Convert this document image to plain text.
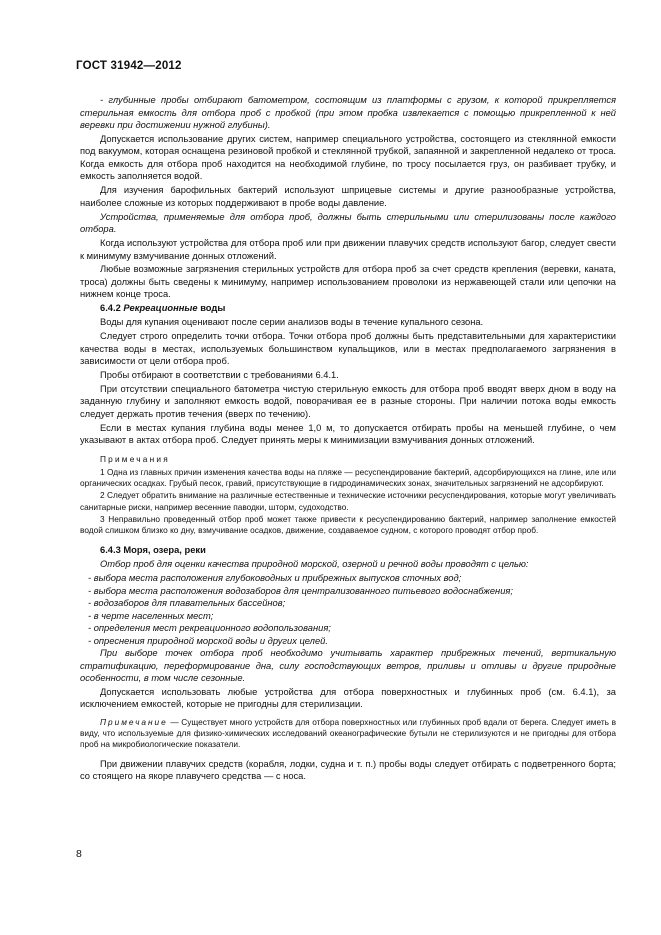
ГОСТ 31942—2012

- глубинные пробы отбирают батометром, состоящим из платформы с грузом, к которой прикрепляется стерильная емкость для отбора проб с пробкой (при этом пробка извлекается с помощью прикрепленной к ней веревки при достижении нужной глубины).

Допускается использование других систем, например специального устройства, состоящего из стеклянной емкости под вакуумом, которая оснащена резиновой пробкой и стеклянной трубкой, запаянной и закрепленной недалеко от троса. Когда емкость для отбора проб находится на необходимой глубине, по тросу посылается груз, он разбивает трубку, и емкость заполняется водой.

Для изучения барофильных бактерий используют шприцевые системы и другие разнообразные устройства, наиболее сложные из которых поддерживают в пробе воды давление.

Устройства, применяемые для отбора проб, должны быть стерильными или стерилизованы после каждого отбора.

Когда используют устройства для отбора проб или при движении плавучих средств используют багор, следует свести к минимуму взмучивание донных отложений.

Любые возможные загрязнения стерильных устройств для отбора проб за счет средств крепления (веревки, каната, троса) должны быть сведены к минимуму, например использованием проволоки из нержавеющей стали или цепочки на нижнем конце троса.

6.4.2 Рекреационные воды

Воды для купания оценивают после серии анализов воды в течение купального сезона.

Следует строго определить точки отбора. Точки отбора проб должны быть представительными для характеристики качества воды в местах, используемых большинством купальщиков, или в местах предполагаемого загрязнения в зависимости от цели отбора проб.

Пробы отбирают в соответствии с требованиями 6.4.1.

При отсутствии специального батометра чистую стерильную емкость для отбора проб вводят вверх дном в воду на заданную глубину и заполняют емкость водой, поворачивая ее в разные стороны. При наличии потока воды емкость следует держать против течения (вверх по течению).

Если в местах купания глубина воды менее 1,0 м, то допускается отбирать пробы на меньшей глубине, о чем указывают в актах отбора проб. Следует принять меры к минимизации взмучивания донных отложений.

Примечания

1 Одна из главных причин изменения качества воды на пляже — ресуспендирование бактерий, адсорбирующихся на глине, иле или органических осадках. Грубый песок, гравий, присутствующие в гидродинамических зонах, значительных загрязнений не адсорбируют.

2 Следует обратить внимание на различные естественные и технические источники ресуспендирования, которые могут увеличивать санитарные риски, например весенние паводки, шторм, судоходство.

3 Неправильно проведенный отбор проб может также привести к ресуспендированию бактерий, например заполнение емкостей водой слишком близко ко дну, взмучивание осадков, движение, создаваемое судном, с которого проводят отбор проб.

6.4.3 Моря, озера, реки

Отбор проб для оценки качества природной морской, озерной и речной воды проводят с целью:

- выбора места расположения глубоководных и прибрежных выпусков сточных вод;

- выбора места расположения водозаборов для централизованного питьевого водоснабжения;

- водозаборов для плавательных бассейнов;

- в черте населенных мест;

- определения мест рекреационного водопользования;

- опреснения природной морской воды и других целей.

При выборе точек отбора проб необходимо учитывать характер прибрежных течений, вертикальную стратификацию, переформирование дна, силу господствующих ветров, приливы и отливы и другие природные особенности, в том числе сезонные.

Допускается использовать любые устройства для отбора поверхностных и глубинных проб (см. 6.4.1), за исключением емкостей, которые не пригодны для стерилизации.

Примечание — Существует много устройств для отбора поверхностных или глубинных проб вдали от берега. Следует иметь в виду, что используемые для физико-химических исследований океанографические бутыли не стерилизуются и не пригодны для отбора проб на микробиологические показатели.

При движении плавучих средств (корабля, лодки, судна и т. п.) пробы воды следует отбирать с подветренного борта; со стоящего на якоре плавучего средства — с носа.

8
